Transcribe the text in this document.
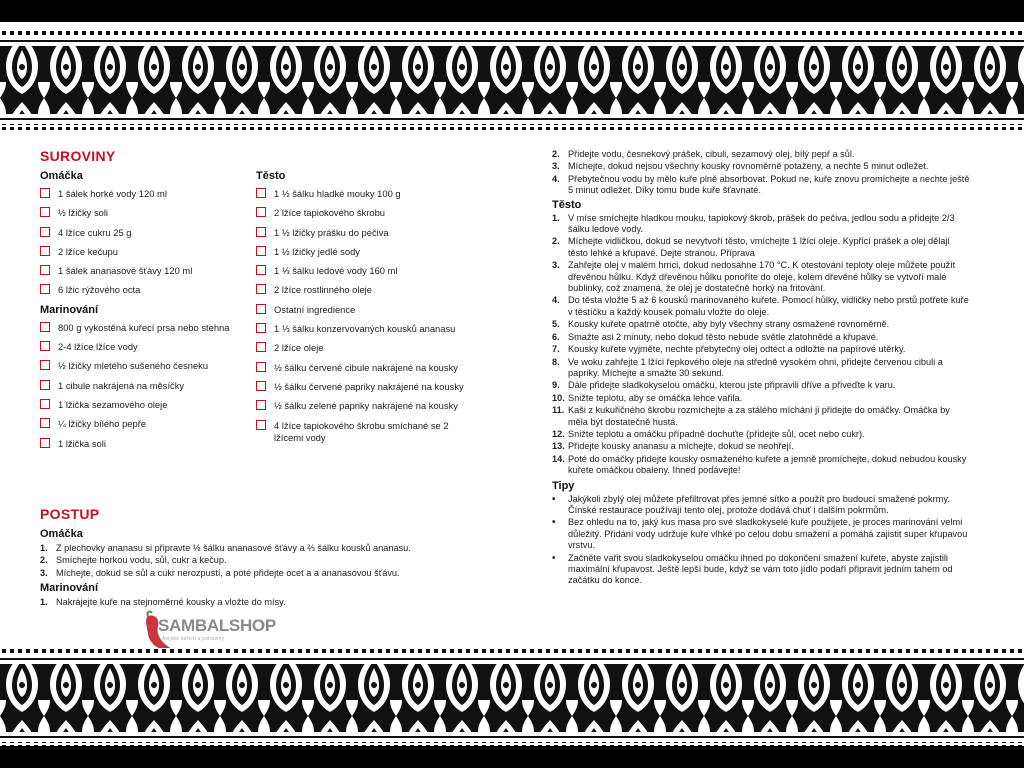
SUROVINY

Omáčka

1 šálek horké vody 120 ml
½ lžičky soli
4 lžíce cukru 25 g
2 lžíce kečupu
1 šálek ananasové šťávy 120 ml
6 lžic rýžového octa

Marinování

800 g vykostěná kuřecí prsa nebo stehna
2-4 lžíce lžíce vody
½ lžičky mletého sušeného česneku
1 cibule nakrájená na měsíčky
1 lžička sezamového oleje
¼ lžičky bílého pepře
1 lžička soli

Těsto

1 ½ šálku hladké mouky 100 g
2 lžíce tapiokového škrobu
1 ½ lžičky prášku do pečiva
1 ½ lžičky jedlé sody
1 ⅓ šálku ledové vody 160 ml
2 lžíce rostlinného oleje
Ostatní ingredience
1 ⅓ šálku konzervovaných kousků ananasu
2 lžíce oleje
½ šálku červené cibule nakrájené na kousky
½ šálku červené papriky nakrájené na kousky
½ šálku zelené papriky nakrájené na kousky
4 lžíce tapiokového škrobu smíchané se 2 lžícemi vody
POSTUP

Omáčka

1. Z plechovky ananasu si připravte ½ šálku ananasové šťávy a ⅔ šálku kousků ananasu.
2. Smíchejte horkou vodu, sůl, cukr a kečup.
3. Míchejte, dokud se sůl a cukr nerozpustí, a poté přidejte ocet a a ananasovou šťávu.

Marinování

1. Nakrájejte kuře na stejnoměrné kousky a vložte do mísy.
2. Přidejte vodu, česnekový prášek, cibuli, sezamový olej, bílý pepř a sůl.
3. Míchejte, dokud nejsou všechny kousky rovnoměrně potaženy, a nechte 5 minut odležet.
4. Přebytečnou vodu by mělo kuře plně absorbovat. Pokud ne, kuře znovu promíchejte a nechte ještě 5 minut odležet. Díky tomu bude kuře šťavnaté.

Těsto

1. V míse smíchejte hladkou mouku, tapiokový škrob, prášek do pečiva, jedlou sodu a přidejte 2/3 šálku ledové vody.
2. Míchejte vidličkou, dokud se nevytvoří těsto, vmíchejte 1 lžíci oleje. Kypřicí prášek a olej dělají těsto lehké a křupavé. Dejte stranou. Příprava
3. Zahřejte olej v malém hrnci, dokud nedosáhne 170 °C. K otestování teploty oleje můžete použít dřevěnou hůlku. Když dřevěnou hůlku ponoříte do oleje, kolem dřevěné hůlky se vytvoří malé bublinky, což znamená, že olej je dostatečně horký na fritování.
4. Do těsta vložte 5 až 6 kousků marinovaného kuřete. Pomocí hůlky, vidličky nebo prstů potřete kuře v těstíčku a každý kousek pomalu vložte do oleje.
5. Kousky kuřete opatrně otočte, aby byly všechny strany osmažené rovnoměrně.
6. Smažte asi 2 minuty, nebo dokud těsto nebude světle zlatohnědé a křupavé.
7. Kousky kuřete vyjměte, nechte přebytečný olej odtéct a odložte na papírové utěrky.
8. Ve woku zahřejte 1 lžíci řepkového oleje na středně vysokém ohni, přidejte červenou cibuli a papriky. Míchejte a smažte 30 sekund.
9. Dále přidejte sladkokyselou omáčku, kterou jste připravili dříve a přiveďte k varu.
10. Snižte teplotu, aby se omáčka lehce vařila.
11. Kaši z kukuřičného škrobu rozmíchejte a za stálého míchání ji přidejte do omáčky. Omáčka by měla být dostatečně hustá.
12. Snižte teplotu a omáčku případně dochuťte (přidejte sůl, ocet nebo cukr).
13. Přidejte kousky ananasu a míchejte, dokud se neohřejí.
14. Poté do omáčky přidejte kousky osmaženého kuřete a jemně promíchejte, dokud nebudou kousky kuřete omáčkou obaleny. Ihned podávejte!

Tipy

•	Jakýkoli zbylý olej můžete přefiltrovat přes jemné sítko a použít pro budoucí smažené pokrmy. Čínské restaurace používají tento olej, protože dodává chuť i dalším pokrmům.
•	Bez ohledu na to, jaký kus masa pro své sladkokyselé kuře použijete, je proces marinování velmi důležitý. Přidání vody udržuje kuře vlhké po celou dobu smažení a pomáhá zajistit super křupavou vrstvu.
•	Začněte vařit svou sladkokyselou omáčku ihned po dokončení smažení kuřete, abyste zajistili maximální křupavost. Ještě lepší bude, když se vám toto jídlo podaří připravit jedním tahem od začátku do konce.
SAMBALSHOP
Asijské koření a potraviny
